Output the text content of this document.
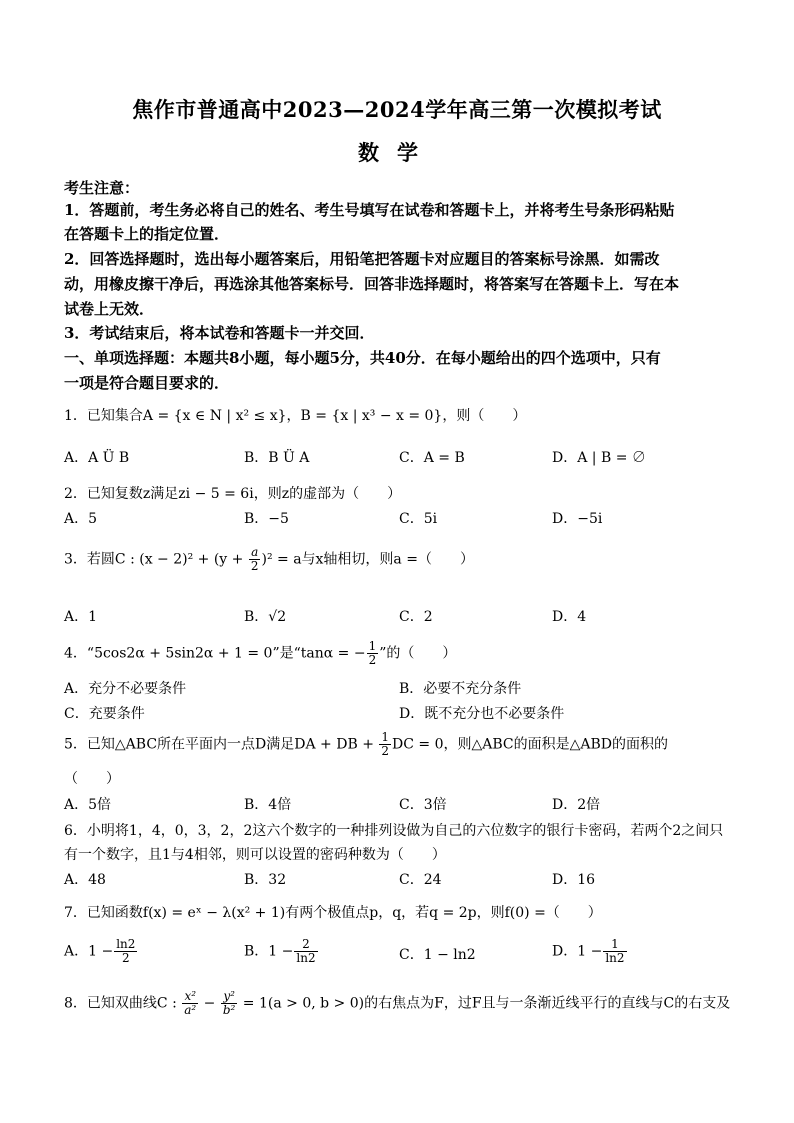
焦作市普通高中2023—2024学年高三第一次模拟考试
数学
考生注意：
1．答题前，考生务必将自己的姓名、考生号填写在试卷和答题卡上，并将考生号条形码粘贴
在答题卡上的指定位置．
2．回答选择题时，选出每小题答案后，用铅笔把答题卡对应题目的答案标号涂黑．如需改
动，用橡皮擦干净后，再选涂其他答案标号．回答非选择题时，将答案写在答题卡上．写在本
试卷上无效．
3．考试结束后，将本试卷和答题卡一并交回．
一、单项选择题：本题共8小题，每小题5分，共40分．在每小题给出的四个选项中，只有
一项是符合题目要求的．
1．已知集合A = {x ∈ N | x² ≤ x}，B = {x | x³ − x = 0}，则（　　）
A．A Ü B	B．B Ü A	C．A = B	D．A | B = ∅
2．已知复数z满足zi − 5 = 6i，则z的虚部为（　　）
A．5	B．−5	C．5i	D．−5i
3．若圆C : $(x - 2)^2 + (y + \frac{a}{2} )^2 = a$与x轴相切，则a =（　　）
A．1	B．√2	C．2	D．4
4．“5cos2α + 5sin2α + 1 = 0”是“tanα = − $\frac{1}{2}$ ”的（　　）
A．充分不必要条件	B．必要不充分条件
C．充要条件	D．既不充分也不必要条件
5．已知△ABC所在平面内一点D满足DA + DB + $\frac{1}{2}$ DC = 0，则△ABC的面积是△ABD的面积的
（　　）
A．5倍	B．4倍	C．3倍	D．2倍
6．小明将1，4，0，3，2，2这六个数字的一种排列设做为自己的六位数字的银行卡密码，若两个2之间只
有一个数字，且1与4相邻，则可以设置的密码种数为（　　）
A．48	B．32	C．24	D．16
7．已知函数f(x) = eˣ − λ(x² + 1)有两个极值点p，q，若q = 2p，则f(0) =（　　）
A．$1 - \frac{\ln 2}{2}$	B．$1 - \frac{2}{\ln 2}$	C．1 − ln2	D．$1 - \frac{1}{\ln 2}$
8．已知双曲线C : $\frac{\text{x²}}{\text{a²}} - \frac{\text{y²}}{\text{b²}} = 1(a > 0$, b > 0)的右焦点为F，过F且与一条渐近线平行的直线与C的右支及
